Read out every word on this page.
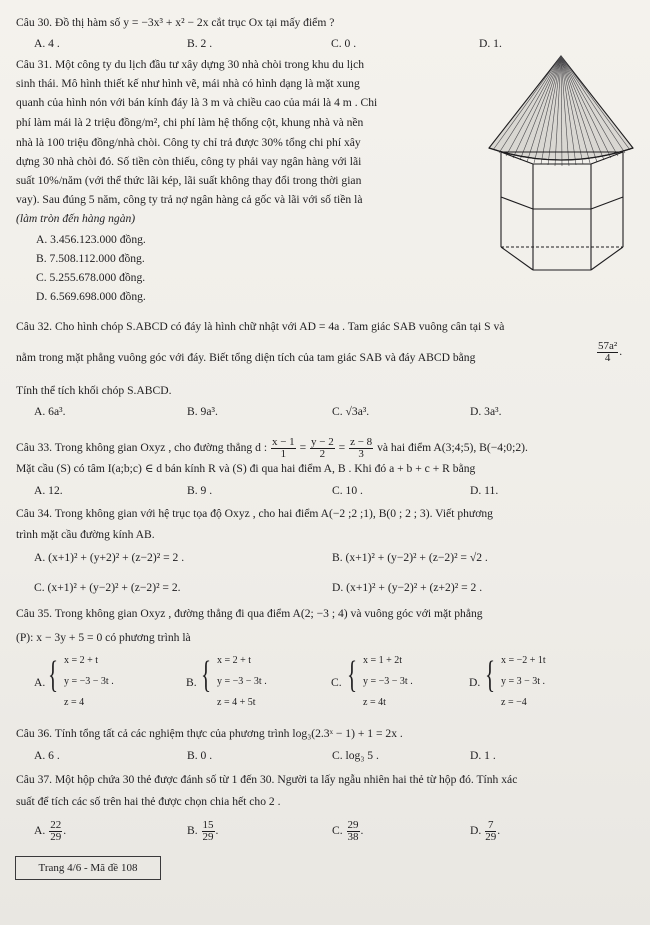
Câu 30. Đồ thị hàm số y = −3x³ + x² − 2x cắt trục Ox tại mấy điểm ?
A. 4 .	B. 2 .	C. 0 .	D. 1.
Câu 31. Một công ty du lịch đầu tư xây dựng 30 nhà chòi trong khu du lịch
sinh thái. Mô hình thiết kế như hình vẽ, mái nhà có hình dạng là mặt xung
quanh của hình nón với bán kính đáy là 3 m và chiều cao của mái là 4 m . Chi
phí làm mái là 2 triệu đồng/m², chi phí làm hệ thống cột, khung nhà và nền
nhà là 100 triệu đồng/nhà chòi. Công ty chỉ trả được 30% tổng chi phí xây
dựng 30 nhà chòi đó. Số tiền còn thiếu, công ty phải vay ngân hàng với lãi
suất 10%/năm (với thể thức lãi kép, lãi suất không thay đổi trong thời gian
vay). Sau đúng 5 năm, công ty trả nợ ngân hàng cả gốc và lãi với số tiền là
(làm tròn đến hàng ngàn)
A. 3.456.123.000 đồng.
B. 7.508.112.000 đồng.
C. 5.255.678.000 đồng.
D. 6.569.698.000 đồng.
Câu 32. Cho hình chóp S.ABCD có đáy là hình chữ nhật với AD = 4a . Tam giác SAB vuông cân tại S và
nằm trong mặt phẳng vuông góc với đáy. Biết tổng diện tích của tam giác SAB và đáy ABCD bằng	$\frac{\text{57a²}}{4}$ .
Tính thể tích khối chóp S.ABCD.
A. 6a³.	B. 9a³.	C. √3a³.	D. 3a³.
Câu 33. Trong không gian Oxyz , cho đường thẳng d : $\frac{x - 1}{1} = \frac{y - 2}{2} = \frac{z - 8}{3}$ và hai điểm A(3;4;5), B(−4;0;2).
Mặt cầu (S) có tâm I(a;b;c) ∈ d bán kính R và (S) đi qua hai điểm A, B . Khi đó a + b + c + R bằng
A. 12.	B. 9 .	C. 10 .	D. 11.
Câu 34. Trong không gian với hệ trục tọa độ Oxyz , cho hai điểm A(−2 ;2 ;1), B(0 ; 2 ; 3). Viết phương
trình mặt cầu đường kính AB.
A. (x+1)² + (y+2)² + (z−2)² = 2 .	B. (x+1)² + (y−2)² + (z−2)² = √2 .
C. (x+1)² + (y−2)² + (z−2)² = 2.	D. (x+1)² + (y−2)² + (z+2)² = 2 .
Câu 35. Trong không gian Oxyz , đường thẳng đi qua điểm A(2; −3 ; 4) và vuông góc với mặt phẳng
(P): x − 3y + 5 = 0 có phương trình là
A. { x = 2 + t
y = −3 − 3t .
z = 4
B. { x = 2 + t
y = −3 − 3t .
z = 4 + 5t
C. { x = 1 + 2t
y = −3 − 3t .
z = 4t
D. { x = −2 + 1t
y = 3 − 3t .
z = −4
Câu 36. Tính tổng tất cả các nghiệm thực của phương trình log₃(2.3ˣ − 1) + 1 = 2x .
A. 6 .	B. 0 .	C. log₃ 5 .	D. 1 .
Câu 37. Một hộp chứa 30 thẻ được đánh số từ 1 đến 30. Người ta lấy ngẫu nhiên hai thẻ từ hộp đó. Tính xác
suất để tích các số trên hai thẻ được chọn chia hết cho 2 .
A. $\frac{22}{29}$ .	B. $\frac{15}{29}$ .	C. $\frac{29}{38}$ .	D. $\frac{7}{29}$ .
Trang 4/6 - Mã đề 108
